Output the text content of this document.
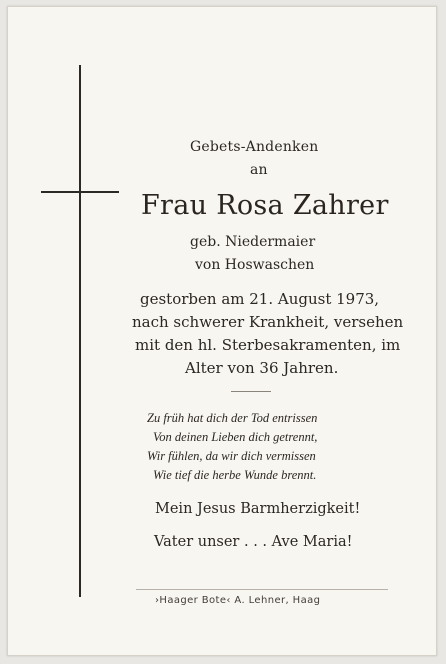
Gebets-Andenken
an
Frau Rosa Zahrer
geb. Niedermaier
von Hoswaschen
gestorben am 21. August 1973,
nach schwerer Krankheit, versehen
mit den hl. Sterbesakramenten, im
Alter von 36 Jahren.
Zu früh hat dich der Tod entrissen
Von deinen Lieben dich getrennt,
Wir fühlen, da wir dich vermissen
Wie tief die herbe Wunde brennt.
Mein Jesus Barmherzigkeit!
Vater unser . . . Ave Maria!
›Haager Bote‹ A. Lehner, Haag
